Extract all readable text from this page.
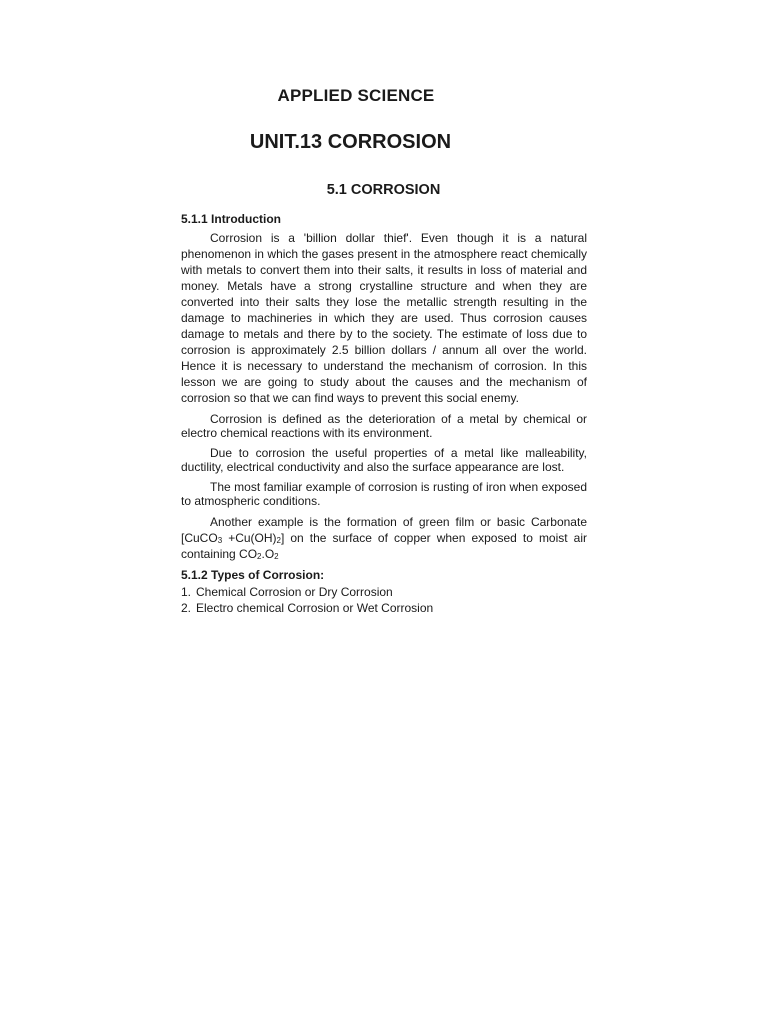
APPLIED SCIENCE
UNIT.13 CORROSION
5.1 CORROSION
5.1.1 Introduction

Corrosion is a 'billion dollar thief'. Even though it is a natural phenomenon in which the gases present in the atmosphere react chemically with metals to convert them into their salts, it results in loss of material and money. Metals have a strong crystalline structure and when they are converted into their salts they lose the metallic strength resulting in the damage to machineries in which they are used. Thus corrosion causes damage to metals and there by to the society. The estimate of loss due to corrosion is approximately 2.5 billion dollars / annum all over the world. Hence it is necessary to understand the mechanism of corrosion. In this lesson we are going to study about the causes and the mechanism of corrosion so that we can find ways to prevent this social enemy.

Corrosion is defined as the deterioration of a metal by chemical or electro chemical reactions with its environment.

Due to corrosion the useful properties of a metal like malleability, ductility, electrical conductivity and also the surface appearance are lost.

The most familiar example of corrosion is rusting of iron when exposed to atmospheric conditions.

Another example is the formation of green film or basic Carbonate [CuCO$_3$ $+Cu(OH)_2$] on the surface of copper when exposed to moist air containing $CO_2.O_2$

5.1.2 Types of Corrosion:
1. Chemical Corrosion or Dry Corrosion
2. Electro chemical Corrosion or Wet Corrosion
